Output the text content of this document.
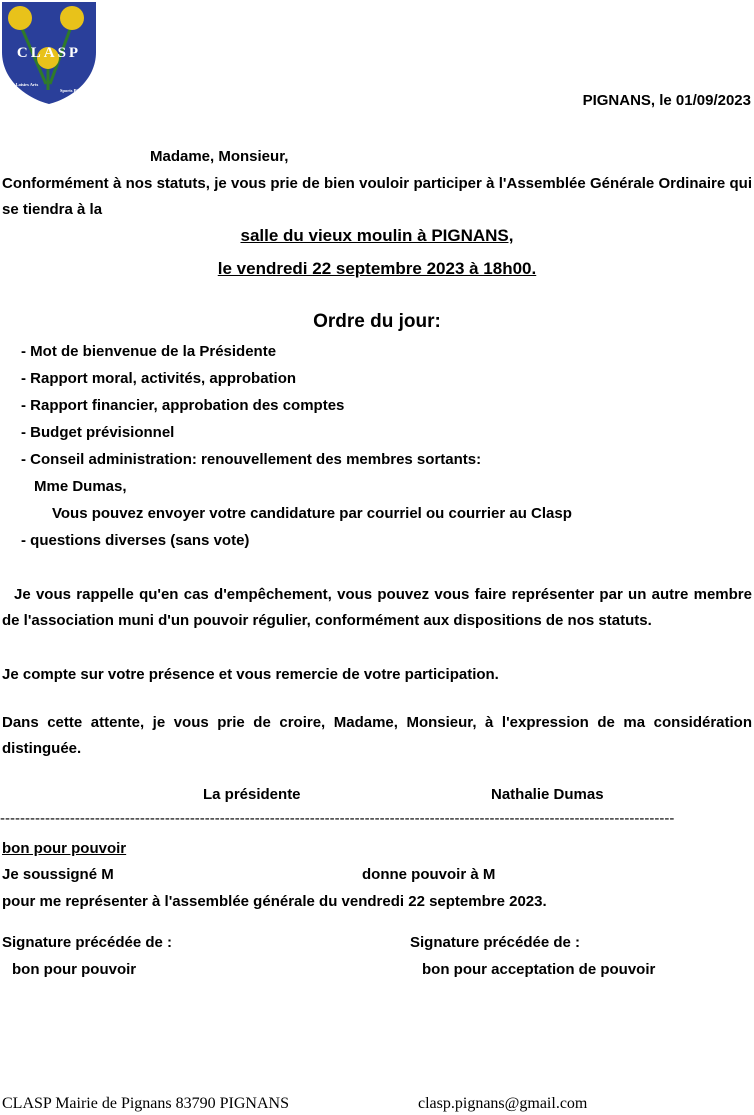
CLASP
Club Loisirs Arts
Sports Pignansais
PIGNANS, le 01/09/2023
Madame, Monsieur,
Conformément à nos statuts, je vous prie de bien vouloir participer à l'Assemblée Générale Ordinaire qui se tiendra à la
salle du vieux moulin à PIGNANS,
le vendredi 22 septembre 2023 à 18h00.
Ordre du jour:
- Mot de bienvenue de la Présidente
- Rapport moral, activités, approbation
- Rapport financier, approbation des comptes
- Budget prévisionnel
- Conseil administration: renouvellement des membres sortants:
Mme Dumas,
Vous pouvez envoyer votre candidature par courriel ou courrier au Clasp
- questions diverses (sans vote)
Je vous rappelle qu'en cas d'empêchement, vous pouvez vous faire représenter par un autre membre de l'association muni d'un pouvoir régulier, conformément aux dispositions de nos statuts.
Je compte sur votre présence et vous remercie de votre participation.
Dans cette attente, je vous prie de croire, Madame, Monsieur, à l'expression de ma considération distinguée.
La présidente	Nathalie Dumas
---------------------------------------------------------------------------------------------------------------------------------------
bon pour pouvoir
Je soussigné M	donne pouvoir à M
pour me représenter à l'assemblée générale du vendredi 22 septembre 2023.
Signature précédée de :
bon pour pouvoir
Signature précédée de :
bon pour acceptation de pouvoir
CLASP Mairie de Pignans 83790 PIGNANS	clasp.pignans@gmail.com
